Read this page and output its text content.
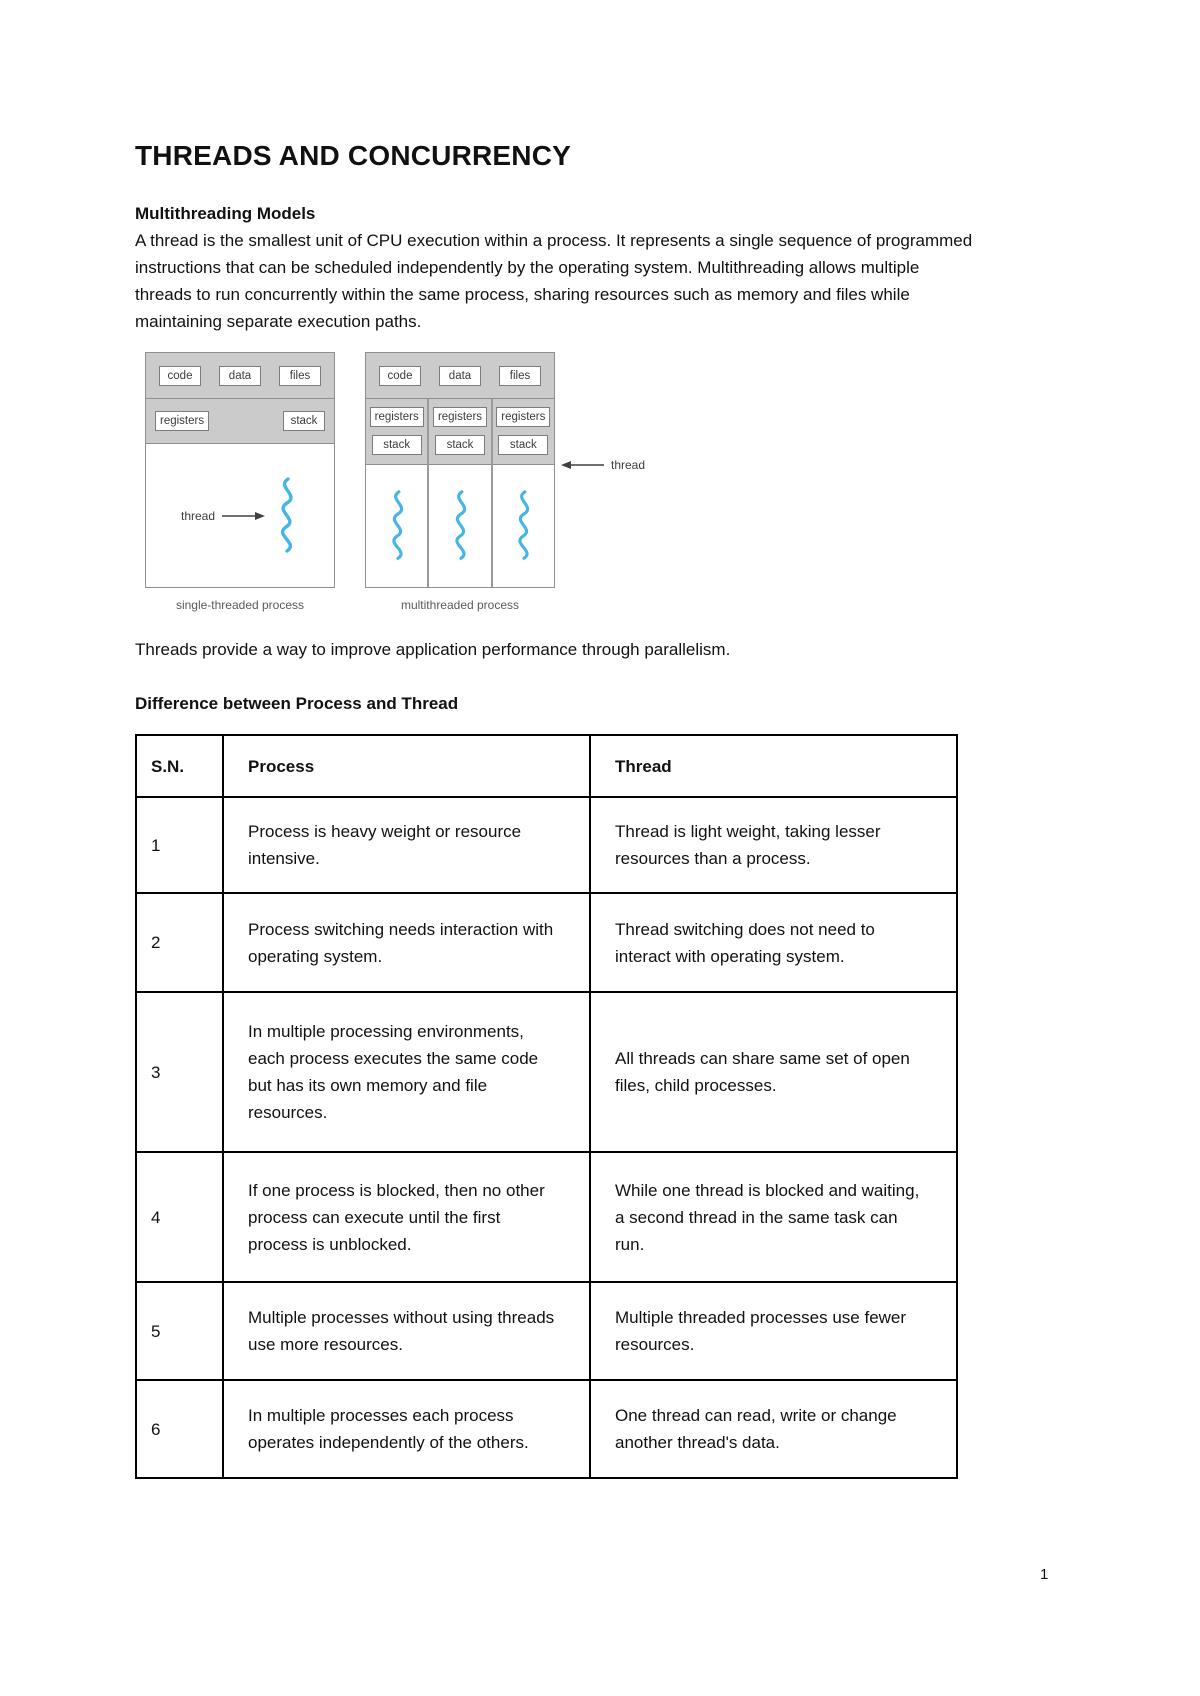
THREADS AND CONCURRENCY
Multithreading Models

A thread is the smallest unit of CPU execution within a process. It represents a single sequence of programmed instructions that can be scheduled independently by the operating system. Multithreading allows multiple threads to run concurrently within the same process, sharing resources such as memory and files while maintaining separate execution paths.

code	data	files
registers	stack
thread
single-threaded process
code	data	files
registers
stack
registers
stack
registers
stack
thread
multithreaded process

Threads provide a way to improve application performance through parallelism.

Difference between Process and Thread
S.N.	Process	Thread
1	Process is heavy weight or resource intensive.	Thread is light weight, taking lesser resources than a process.
2	Process switching needs interaction with operating system.	Thread switching does not need to interact with operating system.
3	In multiple processing environments, each process executes the same code but has its own memory and file resources.	All threads can share same set of open files, child processes.
4	If one process is blocked, then no other process can execute until the first process is unblocked.	While one thread is blocked and waiting, a second thread in the same task can run.
5	Multiple processes without using threads use more resources.	Multiple threaded processes use fewer resources.
6	In multiple processes each process operates independently of the others.	One thread can read, write or change another thread's data.
1
